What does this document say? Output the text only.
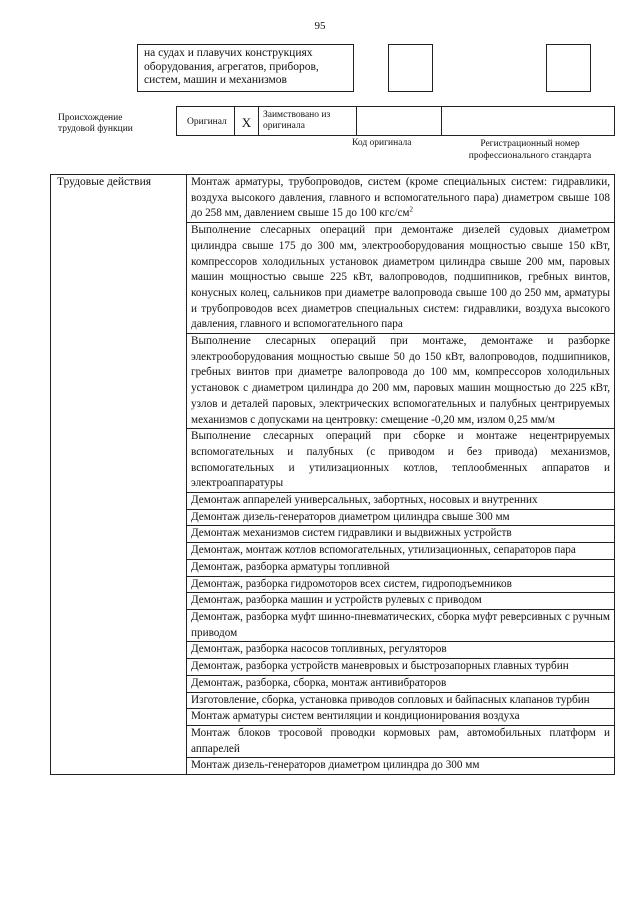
95
на судах и плавучих конструкциях
оборудования, агрегатов, приборов,
систем, машин и механизмов
Происхождение
трудовой функции
Оригинал	X	Заимствовано из оригинала
Код оригинала	Регистрационный номер
профессионального стандарта
Трудовые действия	Монтаж арматуры, трубопроводов, систем (кроме специальных систем: гидравлики, воздуха высокого давления, главного и вспомогательного пара) диаметром свыше 108 до 258 мм, давлением свыше 15 до 100 кгс/$см^2$
Выполнение слесарных операций при демонтаже дизелей судовых диаметром цилиндра свыше 175 до 300 мм, электрооборудования мощностью свыше 150 кВт, компрессоров холодильных установок диаметром цилиндра свыше 200 мм, паровых машин мощностью свыше 225 кВт, валопроводов, подшипников, гребных винтов, конусных колец, сальников при диаметре валопровода свыше 100 до 250 мм, арматуры и трубопроводов всех диаметров специальных систем: гидравлики, воздуха высокого давления, главного и вспомогательного пара
Выполнение слесарных операций при монтаже, демонтаже и разборке электрооборудования мощностью свыше 50 до 150 кВт, валопроводов, подшипников, гребных винтов при диаметре валопровода до 100 мм, компрессоров холодильных установок с диаметром цилиндра до 200 мм, паровых машин мощностью до 225 кВт, узлов и деталей паровых, электрических вспомогательных и палубных центрируемых механизмов с допусками на центровку: смещение -0,20 мм, излом 0,25 мм/м
Выполнение слесарных операций при сборке и монтаже нецентрируемых вспомогательных и палубных (с приводом и без привода) механизмов, вспомогательных и утилизационных котлов, теплообменных аппаратов и электроаппаратуры
Демонтаж аппарелей универсальных, забортных, носовых и внутренних
Демонтаж дизель-генераторов диаметром цилиндра свыше 300 мм
Демонтаж механизмов систем гидравлики и выдвижных устройств
Демонтаж, монтаж котлов вспомогательных, утилизационных, сепараторов пара
Демонтаж, разборка арматуры топливной
Демонтаж, разборка гидромоторов всех систем, гидроподъемников
Демонтаж, разборка машин и устройств рулевых с приводом
Демонтаж, разборка муфт шинно-пневматических, сборка муфт реверсивных с ручным приводом
Демонтаж, разборка насосов топливных, регуляторов
Демонтаж, разборка устройств маневровых и быстрозапорных главных турбин
Демонтаж, разборка, сборка, монтаж антивибраторов
Изготовление, сборка, установка приводов сопловых и байпасных клапанов турбин
Монтаж арматуры систем вентиляции и кондиционирования воздуха
Монтаж блоков тросовой проводки кормовых рам, автомобильных платформ и аппарелей
Монтаж дизель-генераторов диаметром цилиндра до 300 мм
